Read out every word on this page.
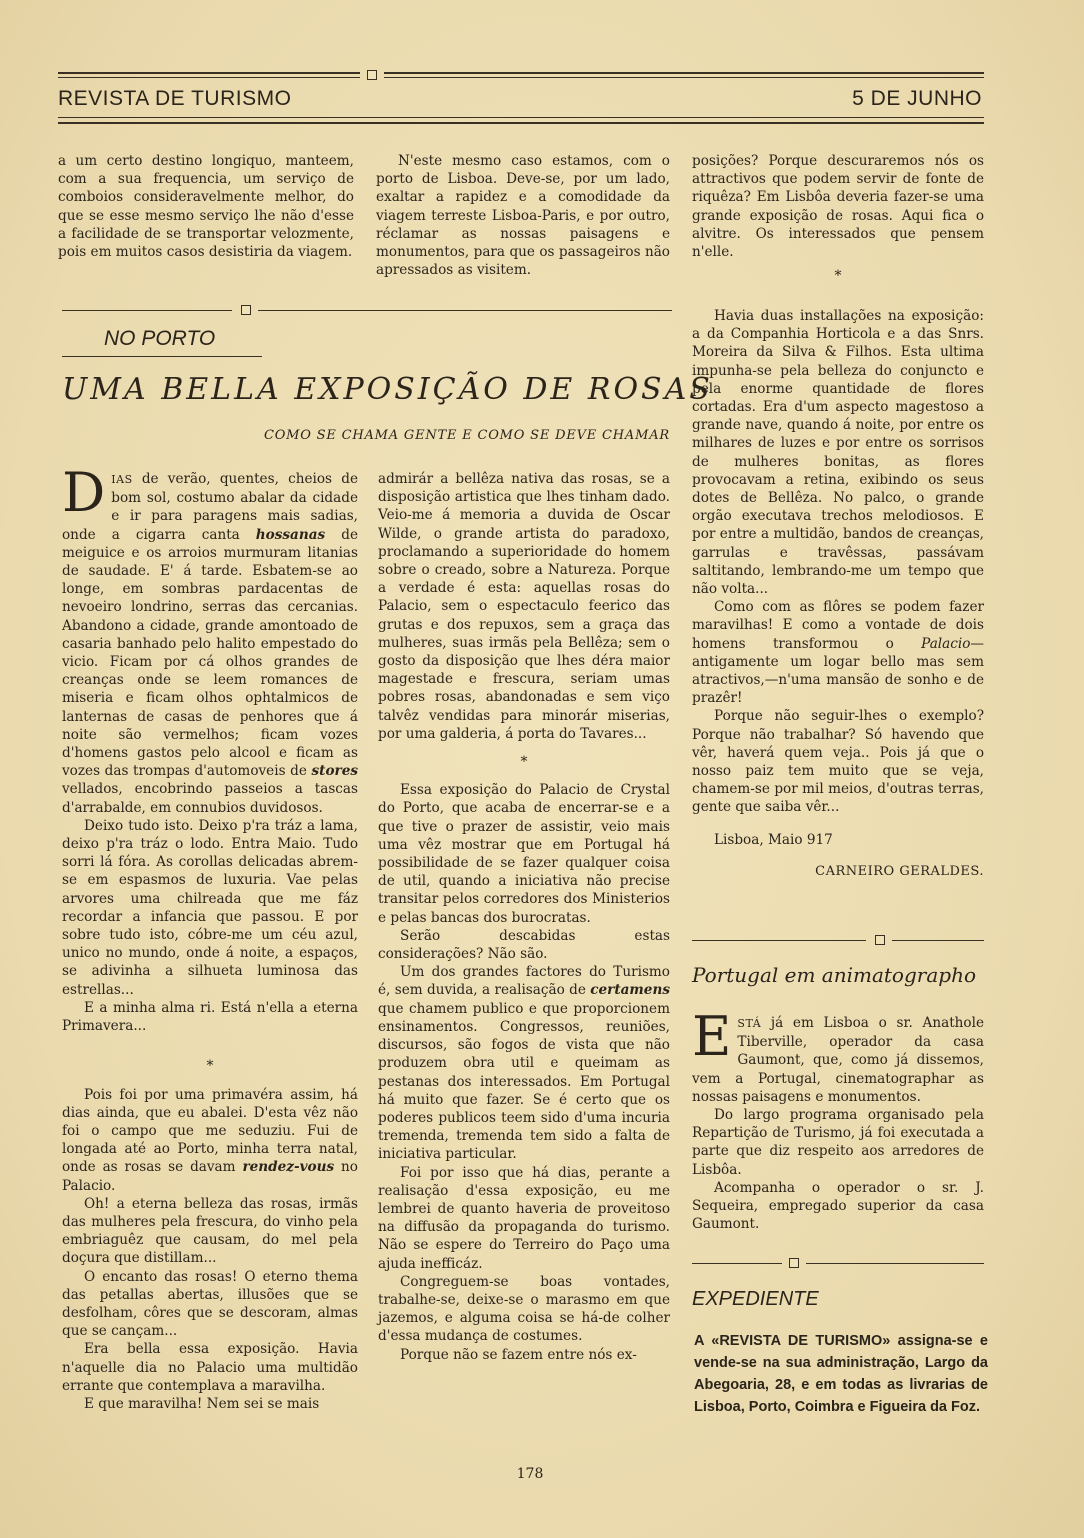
REVISTA DE TURISMO	5 DE JUNHO

a um certo destino longiquo, manteem, com a sua frequencia, um serviço de comboios consideravelmente melhor, do que se esse mesmo serviço lhe não d'esse a facilidade de se transportar velozmente, pois em muitos casos desistiria da viagem.

N'este mesmo caso estamos, com o porto de Lisboa. Deve-se, por um lado, exaltar a rapidez e a comodidade da viagem terreste Lisboa-Paris, e por outro, réclamar as nossas paisagens e monumentos, para que os passageiros não apressados as visitem.

posições? Porque descuraremos nós os attractivos que podem servir de fonte de riquêza? Em Lisbôa deveria fazer-se uma grande exposição de rosas. Aqui fica o alvitre. Os interessados que pensem n'elle.

*
NO PORTO
UMA BELLA EXPOSIÇÃO DE ROSAS
COMO SE CHAMA GENTE E COMO SE DEVE CHAMAR

DIAS de verão, quentes, cheios de bom sol, costumo abalar da cidade e ir para paragens mais sadias, onde a cigarra canta hossanas de meiguice e os arroios murmuram litanias de saudade. E' á tarde. Esbatem-se ao longe, em sombras pardacentas de nevoeiro londrino, serras das cercanias. Abandono a cidade, grande amontoado de casaria banhado pelo halito empestado do vicio. Ficam por cá olhos grandes de creanças onde se leem romances de miseria e ficam olhos ophtalmicos de lanternas de casas de penhores que á noite são vermelhos; ficam vozes d'homens gastos pelo alcool e ficam as vozes das trompas d'automoveis de stores vellados, encobrindo passeios a tascas d'arrabalde, em connubios duvidosos.

Deixo tudo isto. Deixo p'ra tráz a lama, deixo p'ra tráz o lodo. Entra Maio. Tudo sorri lá fóra. As corollas delicadas abrem-se em espasmos de luxuria. Vae pelas arvores uma chilreada que me fáz recordar a infancia que passou. E por sobre tudo isto, cóbre-me um céu azul, unico no mundo, onde á noite, a espaços, se adivinha a silhueta luminosa das estrellas...

E a minha alma ri. Está n'ella a eterna Primavera...

*

Pois foi por uma primavéra assim, há dias ainda, que eu abalei. D'esta vêz não foi o campo que me seduziu. Fui de longada até ao Porto, minha terra natal, onde as rosas se davam rendez-vous no Palacio.

Oh! a eterna belleza das rosas, irmãs das mulheres pela frescura, do vinho pela embriaguêz que causam, do mel pela doçura que distillam...

O encanto das rosas! O eterno thema das petallas abertas, illusões que se desfolham, côres que se descoram, almas que se cançam...

Era bella essa exposição. Havia n'aquelle dia no Palacio uma multidão errante que contemplava a maravilha.

E que maravilha! Nem sei se mais

admirár a bellêza nativa das rosas, se a disposição artistica que lhes tinham dado. Veio-me á memoria a duvida de Oscar Wilde, o grande artista do paradoxo, proclamando a superioridade do homem sobre o creado, sobre a Natureza. Porque a verdade é esta: aquellas rosas do Palacio, sem o espectaculo feerico das grutas e dos repuxos, sem a graça das mulheres, suas irmãs pela Bellêza; sem o gosto da disposição que lhes déra maior magestade e frescura, seriam umas pobres rosas, abandonadas e sem viço talvêz vendidas para minorár miserias, por uma galderia, á porta do Tavares...

*

Essa exposição do Palacio de Crystal do Porto, que acaba de encerrar-se e a que tive o prazer de assistir, veio mais uma vêz mostrar que em Portugal há possibilidade de se fazer qualquer coisa de util, quando a iniciativa não precise transitar pelos corredores dos Ministerios e pelas bancas dos burocratas.

Serão descabidas estas considerações? Não são.

Um dos grandes factores do Turismo é, sem duvida, a realisação de certamens que chamem publico e que proporcionem ensinamentos. Congressos, reuniões, discursos, são fogos de vista que não produzem obra util e queimam as pestanas dos interessados. Em Portugal há muito que fazer. Se é certo que os poderes publicos teem sido d'uma incuria tremenda, tremenda tem sido a falta de iniciativa particular.

Foi por isso que há dias, perante a realisação d'essa exposição, eu me lembrei de quanto haveria de proveitoso na diffusão da propaganda do turismo. Não se espere do Terreiro do Paço uma ajuda inefficáz.

Congreguem-se boas vontades, trabalhe-se, deixe-se o marasmo em que jazemos, e alguma coisa se há-de colher d'essa mudança de costumes.

Porque não se fazem entre nós ex-

Havia duas installações na exposição: a da Companhia Horticola e a das Snrs. Moreira da Silva & Filhos. Esta ultima impunha-se pela belleza do conjuncto e pela enorme quantidade de flores cortadas. Era d'um aspecto magestoso a grande nave, quando á noite, por entre os milhares de luzes e por entre os sorrisos de mulheres bonitas, as flores provocavam a retina, exibindo os seus dotes de Bellêza. No palco, o grande orgão executava trechos melodiosos. E por entre a multidão, bandos de creanças, garrulas e travêssas, passávam saltitando, lembrando-me um tempo que não volta...

Como com as flôres se podem fazer maravilhas! E como a vontade de dois homens transformou o Palacio—antigamente um logar bello mas sem atractivos,—n'uma mansão de sonho e de prazêr!

Porque não seguir-lhes o exemplo? Porque não trabalhar? Só havendo que vêr, haverá quem veja.. Pois já que o nosso paiz tem muito que se veja, chamem-se por mil meios, d'outras terras, gente que saiba vêr...

Lisboa, Maio 917

CARNEIRO GERALDES.

Portugal em animatographo

ESTÁ já em Lisboa o sr. Anathole Tiberville, operador da casa Gaumont, que, como já dissemos, vem a Portugal, cinematographar as nossas paisagens e monumentos.

Do largo programa organisado pela Repartição de Turismo, já foi executada a parte que diz respeito aos arredores de Lisbôa.

Acompanha o operador o sr. J. Sequeira, empregado superior da casa Gaumont.

EXPEDIENTE
A «REVISTA DE TURISMO» assigna-se e vende-se na sua administração, Largo da Abegoaria, 28, e em todas as livrarias de Lisboa, Porto, Coimbra e Figueira da Foz.
178
